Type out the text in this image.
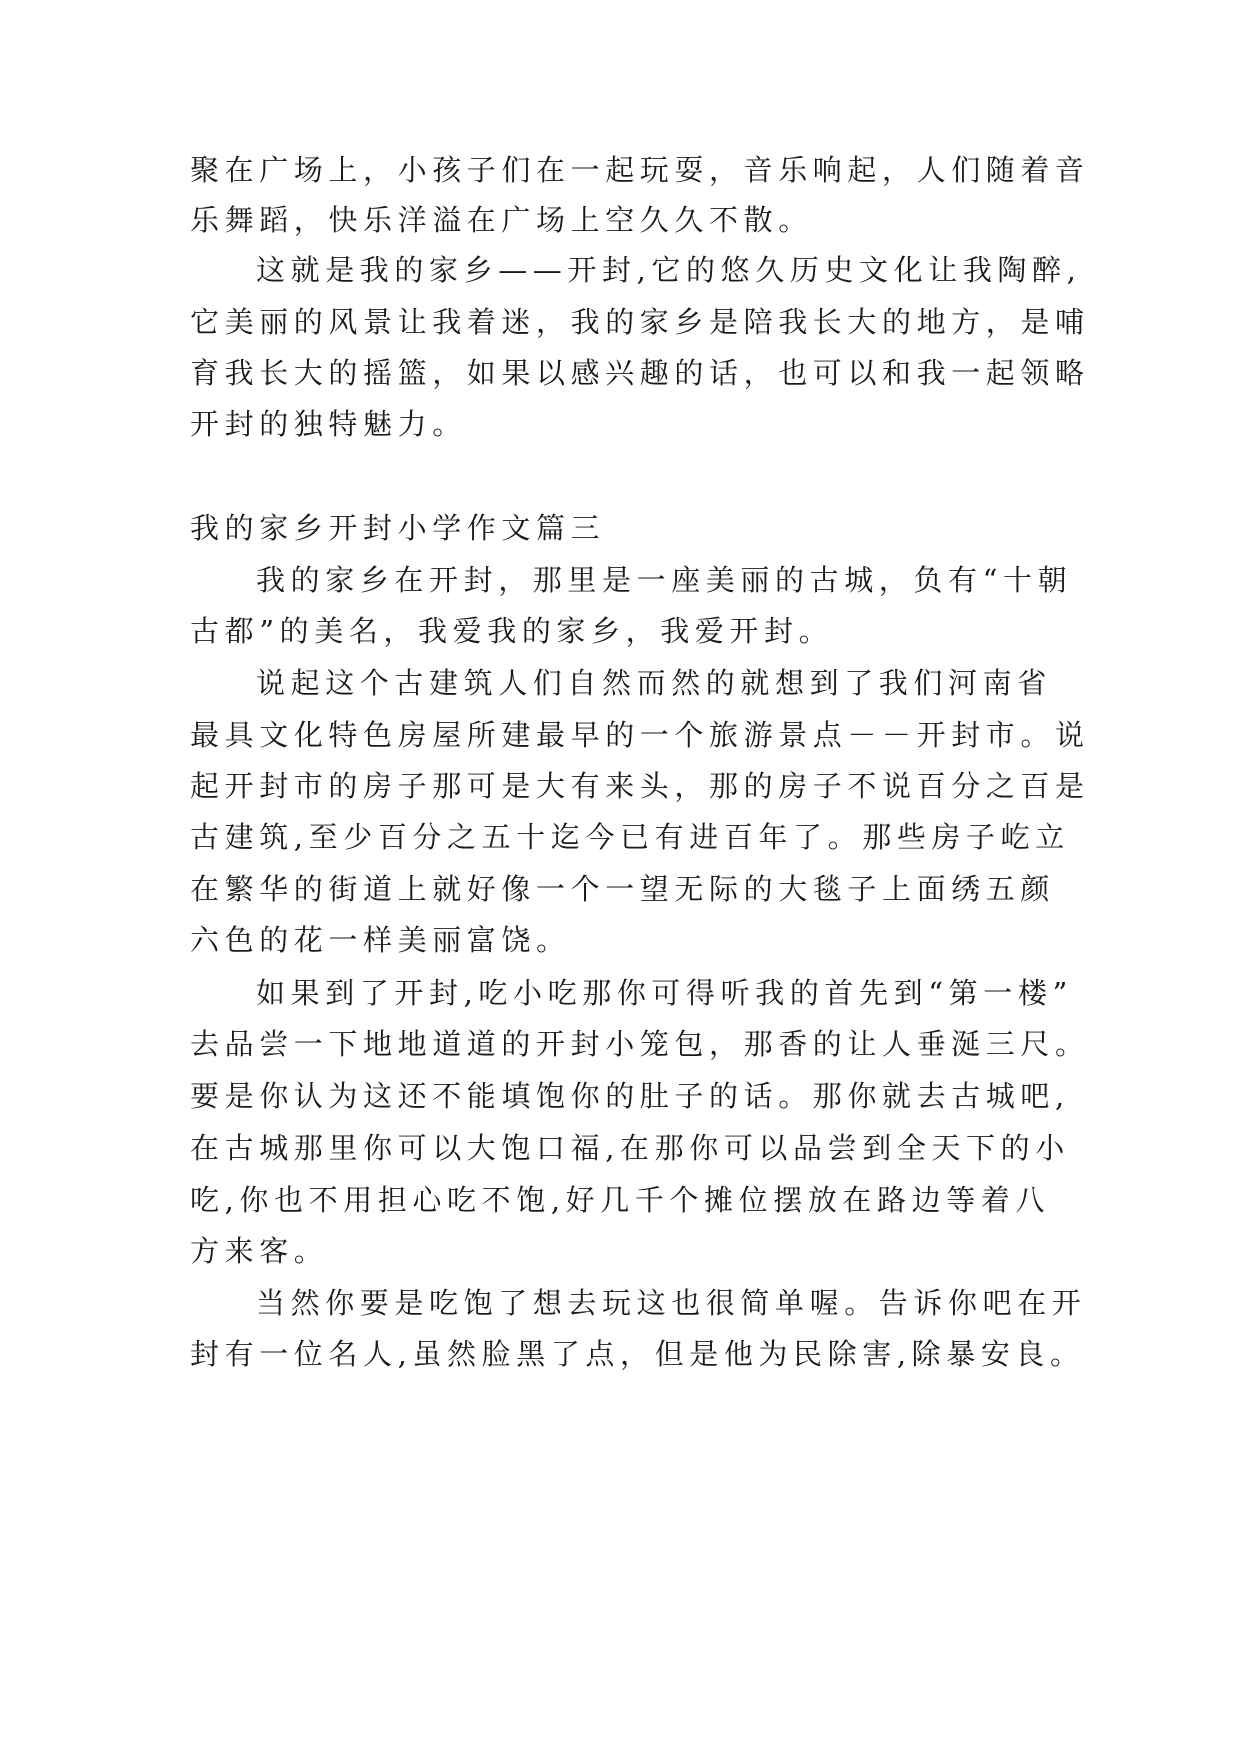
聚在广场上，小孩子们在一起玩耍，音乐响起，人们随着音
乐舞蹈，快乐洋溢在广场上空久久不散。
这就是我的家乡——开封,它的悠久历史文化让我陶醉,
它美丽的风景让我着迷，我的家乡是陪我长大的地方，是哺
育我长大的摇篮，如果以感兴趣的话，也可以和我一起领略
开封的独特魅力。
我的家乡开封小学作文篇三
我的家乡在开封，那里是一座美丽的古城，负有“十朝
古都”的美名，我爱我的家乡，我爱开封。
说起这个古建筑人们自然而然的就想到了我们河南省
最具文化特色房屋所建最早的一个旅游景点－－开封市。说
起开封市的房子那可是大有来头，那的房子不说百分之百是
古建筑,至少百分之五十迄今已有进百年了。那些房子屹立
在繁华的街道上就好像一个一望无际的大毯子上面绣五颜
六色的花一样美丽富饶。
如果到了开封,吃小吃那你可得听我的首先到“第一楼”
去品尝一下地地道道的开封小笼包，那香的让人垂涎三尺。
要是你认为这还不能填饱你的肚子的话。那你就去古城吧,
在古城那里你可以大饱口福,在那你可以品尝到全天下的小
吃,你也不用担心吃不饱,好几千个摊位摆放在路边等着八
方来客。
当然你要是吃饱了想去玩这也很简单喔。告诉你吧在开
封有一位名人,虽然脸黑了点，但是他为民除害,除暴安良。
